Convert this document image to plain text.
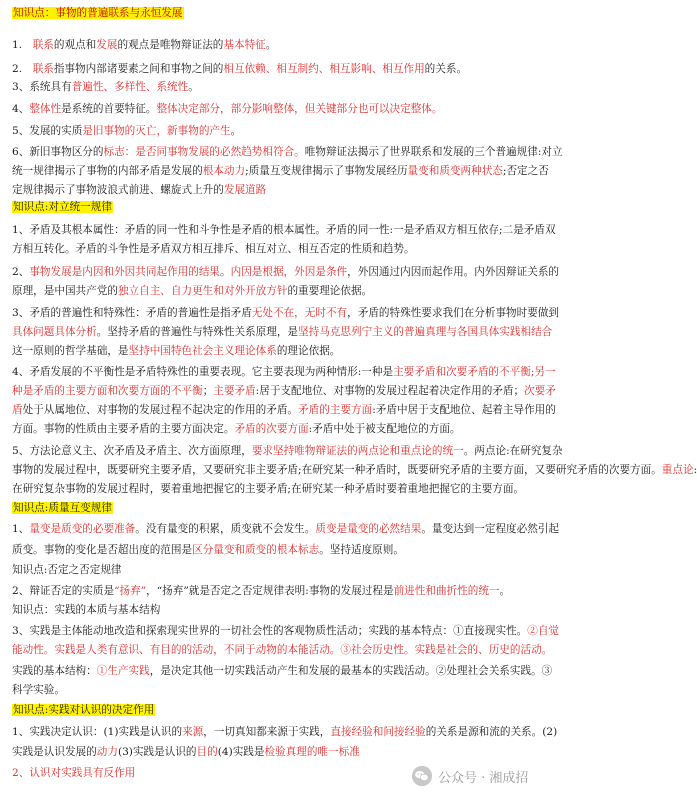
知识点：事物的普遍联系与永恒发展
1.　联系的观点和发展的观点是唯物辩证法的基本特征。
2.　联系指事物内部诸要素之间和事物之间的相互依赖、相互制约、相互影响、相互作用的关系。
3、系统具有普遍性、多样性、系统性。
4、整体性是系统的首要特征。整体决定部分，部分影响整体，但关键部分也可以决定整体。
5、发展的实质是旧事物的灭亡，新事物的产生。
6、新旧事物区分的标志：是否同事物发展的必然趋势相符合。唯物辩证法揭示了世界联系和发展的三个普遍规律:对立
统一规律揭示了事物的内部矛盾是发展的根本动力;质量互变规律揭示了事物发展经历量变和质变两种状态;否定之否
定规律揭示了事物波浪式前进、螺旋式上升的发展道路
知识点:对立统一规律
1、矛盾及其根本属性：矛盾的同一性和斗争性是矛盾的根本属性。矛盾的同一性:一是矛盾双方相互依存;二是矛盾双
方相互转化。矛盾的斗争性是矛盾双方相互排斥、相互对立、相互否定的性质和趋势。
2、事物发展是内因和外因共同起作用的结果。内因是根据，外因是条件，外因通过内因而起作用。内外因辩证关系的
原理，是中国共产党的独立自主、自力更生和对外开放方针的重要理论依据。
3、矛盾的普遍性和特殊性：矛盾的普遍性是指矛盾无处不在，无时不有，矛盾的特殊性要求我们在分析事物时要做到
具体问题具体分析。坚持矛盾的普遍性与特殊性关系原理，是坚持马克思列宁主义的普遍真理与各国具体实践相结合
这一原则的哲学基础，是坚持中国特色社会主义理论体系的理论依据。
4、矛盾发展的不平衡性是矛盾特殊性的重要表现。它主要表现为两种情形:一种是主要矛盾和次要矛盾的不平衡;另一
种是矛盾的主要方面和次要方面的不平衡；主要矛盾:居于支配地位、对事物的发展过程起着决定作用的矛盾；次要矛
盾处于从属地位、对事物的发展过程不起决定的作用的矛盾。矛盾的主要方面:矛盾中居于支配地位、起着主导作用的
方面。事物的性质由主要矛盾的主要方面决定。矛盾的次要方面:矛盾中处于被支配地位的方面。
5、方法论意义主、次矛盾及矛盾主、次方面原理，要求坚持唯物辩证法的两点论和重点论的统一。两点论:在研究复杂
事物的发展过程中，既要研究主要矛盾，又要研究非主要矛盾;在研究某一种矛盾时，既要研究矛盾的主要方面，又要研究矛盾的次要方面。重点论:
在研究复杂事物的发展过程时，要着重地把握它的主要矛盾;在研究某一种矛盾时要着重地把握它的主要方面。
知识点:质量互变规律
1、量变是质变的必要准备。没有量变的积累，质变就不会发生。质变是量变的必然结果。量变达到一定程度必然引起
质变。事物的变化是否超出度的范围是区分量变和质变的根本标志。坚持适度原则。
知识点:否定之否定规律
2、辩证否定的实质是“扬弃”，“扬弃”就是否定之否定规律表明:事物的发展过程是前进性和曲折性的统一。
知识点：实践的本质与基本结构
3、实践是主体能动地改造和探索现实世界的一切社会性的客观物质性活动；实践的基本特点：①直接现实性。②自觉
能动性。实践是人类有意识、有目的的活动，不同于动物的本能活动。③社会历史性。实践是社会的、历史的活动。
实践的基本结构：①生产实践，是决定其他一切实践活动产生和发展的最基本的实践活动。②处理社会关系实践。③
科学实验。
知识点:实践对认识的决定作用
1、实践决定认识：(1)实践是认识的来源，一切真知都来源于实践，直接经验和间接经验的关系是源和流的关系。(2)
实践是认识发展的动力(3)实践是认识的目的(4)实践是检验真理的唯一标准
2、认识对实践具有反作用	公众号 · 湘成招
